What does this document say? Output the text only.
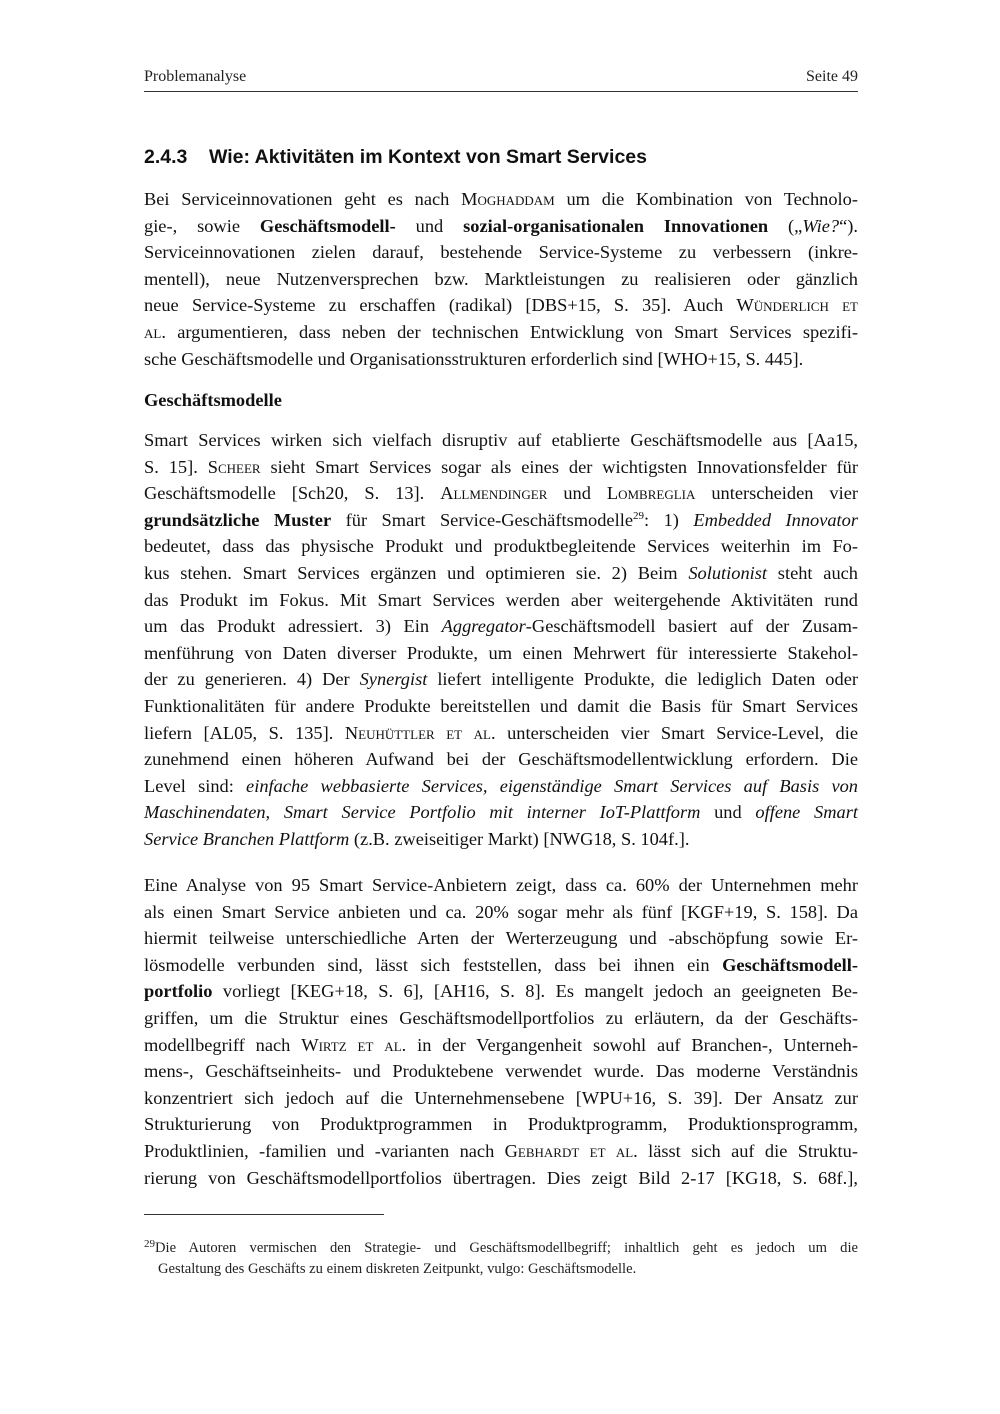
Problemanalyse	Seite 49
2.4.3 Wie: Aktivitäten im Kontext von Smart Services
Bei Serviceinnovationen geht es nach Moghaddam um die Kombination von Technolo-
gie-, sowie Geschäftsmodell- und sozial-organisationalen Innovationen („Wie?“).
Serviceinnovationen zielen darauf, bestehende Service-Systeme zu verbessern (inkre-
mentell), neue Nutzenversprechen bzw. Marktleistungen zu realisieren oder gänzlich
neue Service-Systeme zu erschaffen (radikal) [DBS+15, S. 35]. Auch Wünderlich et
al. argumentieren, dass neben der technischen Entwicklung von Smart Services spezifi-
sche Geschäftsmodelle und Organisationsstrukturen erforderlich sind [WHO+15, S. 445].
Geschäftsmodelle
Smart Services wirken sich vielfach disruptiv auf etablierte Geschäftsmodelle aus [Aa15,
S. 15]. Scheer sieht Smart Services sogar als eines der wichtigsten Innovationsfelder für
Geschäftsmodelle [Sch20, S. 13]. Allmendinger und Lombreglia unterscheiden vier
grundsätzliche Muster für Smart Service-Geschäftsmodelle$^{29}$: 1) Embedded Innovator
bedeutet, dass das physische Produkt und produktbegleitende Services weiterhin im Fo-
kus stehen. Smart Services ergänzen und optimieren sie. 2) Beim Solutionist steht auch
das Produkt im Fokus. Mit Smart Services werden aber weitergehende Aktivitäten rund
um das Produkt adressiert. 3) Ein Aggregator-Geschäftsmodell basiert auf der Zusam-
menführung von Daten diverser Produkte, um einen Mehrwert für interessierte Stakehol-
der zu generieren. 4) Der Synergist liefert intelligente Produkte, die lediglich Daten oder
Funktionalitäten für andere Produkte bereitstellen und damit die Basis für Smart Services
liefern [AL05, S. 135]. Neuhüttler et al. unterscheiden vier Smart Service-Level, die
zunehmend einen höheren Aufwand bei der Geschäftsmodellentwicklung erfordern. Die
Level sind: einfache webbasierte Services, eigenständige Smart Services auf Basis von
Maschinendaten, Smart Service Portfolio mit interner IoT-Plattform und offene Smart
Service Branchen Plattform (z.B. zweiseitiger Markt) [NWG18, S. 104f.].
Eine Analyse von 95 Smart Service-Anbietern zeigt, dass ca. 60% der Unternehmen mehr
als einen Smart Service anbieten und ca. 20% sogar mehr als fünf [KGF+19, S. 158]. Da
hiermit teilweise unterschiedliche Arten der Werterzeugung und -abschöpfung sowie Er-
lösmodelle verbunden sind, lässt sich feststellen, dass bei ihnen ein Geschäftsmodell-
portfolio vorliegt [KEG+18, S. 6], [AH16, S. 8]. Es mangelt jedoch an geeigneten Be-
griffen, um die Struktur eines Geschäftsmodellportfolios zu erläutern, da der Geschäfts-
modellbegriff nach Wirtz et al. in der Vergangenheit sowohl auf Branchen-, Unterneh-
mens-, Geschäftseinheits- und Produktebene verwendet wurde. Das moderne Verständnis
konzentriert sich jedoch auf die Unternehmensebene [WPU+16, S. 39]. Der Ansatz zur
Strukturierung von Produktprogrammen in Produktprogramm, Produktionsprogramm,
Produktlinien, -familien und -varianten nach Gebhardt et al. lässt sich auf die Struktu-
rierung von Geschäftsmodellportfolios übertragen. Dies zeigt Bild 2-17 [KG18, S. 68f.],
$^{29}$Die Autoren vermischen den Strategie- und Geschäftsmodellbegriff; inhaltlich geht es jedoch um die
Gestaltung des Geschäfts zu einem diskreten Zeitpunkt, vulgo: Geschäftsmodelle.
